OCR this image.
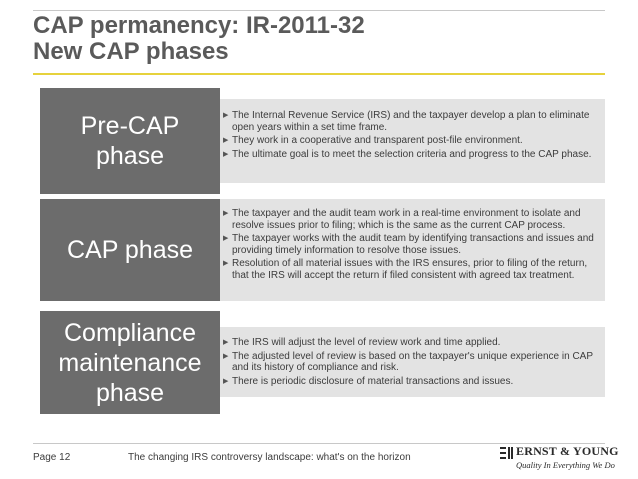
CAP permanency: IR-2011-32
New CAP phases
Pre-CAP phase
▶ The Internal Revenue Service (IRS) and the taxpayer develop a plan to eliminate open years within a set time frame.
▶ They work in a cooperative and transparent post-file environment.
▶ The ultimate goal is to meet the selection criteria and progress to the CAP phase.
CAP phase
▶ The taxpayer and the audit team work in a real-time environment to isolate and resolve issues prior to filing; which is the same as the current CAP process.
▶ The taxpayer works with the audit team by identifying transactions and issues and providing timely information to resolve those issues.
▶ Resolution of all material issues with the IRS ensures, prior to filing of the return, that the IRS will accept the return if filed consistent with agreed tax treatment.
Compliance maintenance phase
▶ The IRS will adjust the level of review work and time applied.
▶ The adjusted level of review is based on the taxpayer's unique experience in CAP and its history of compliance and risk.
▶ There is periodic disclosure of material transactions and issues.
Page 12	The changing IRS controversy landscape: what's on the horizon	ERNST & YOUNG
Quality In Everything We Do
